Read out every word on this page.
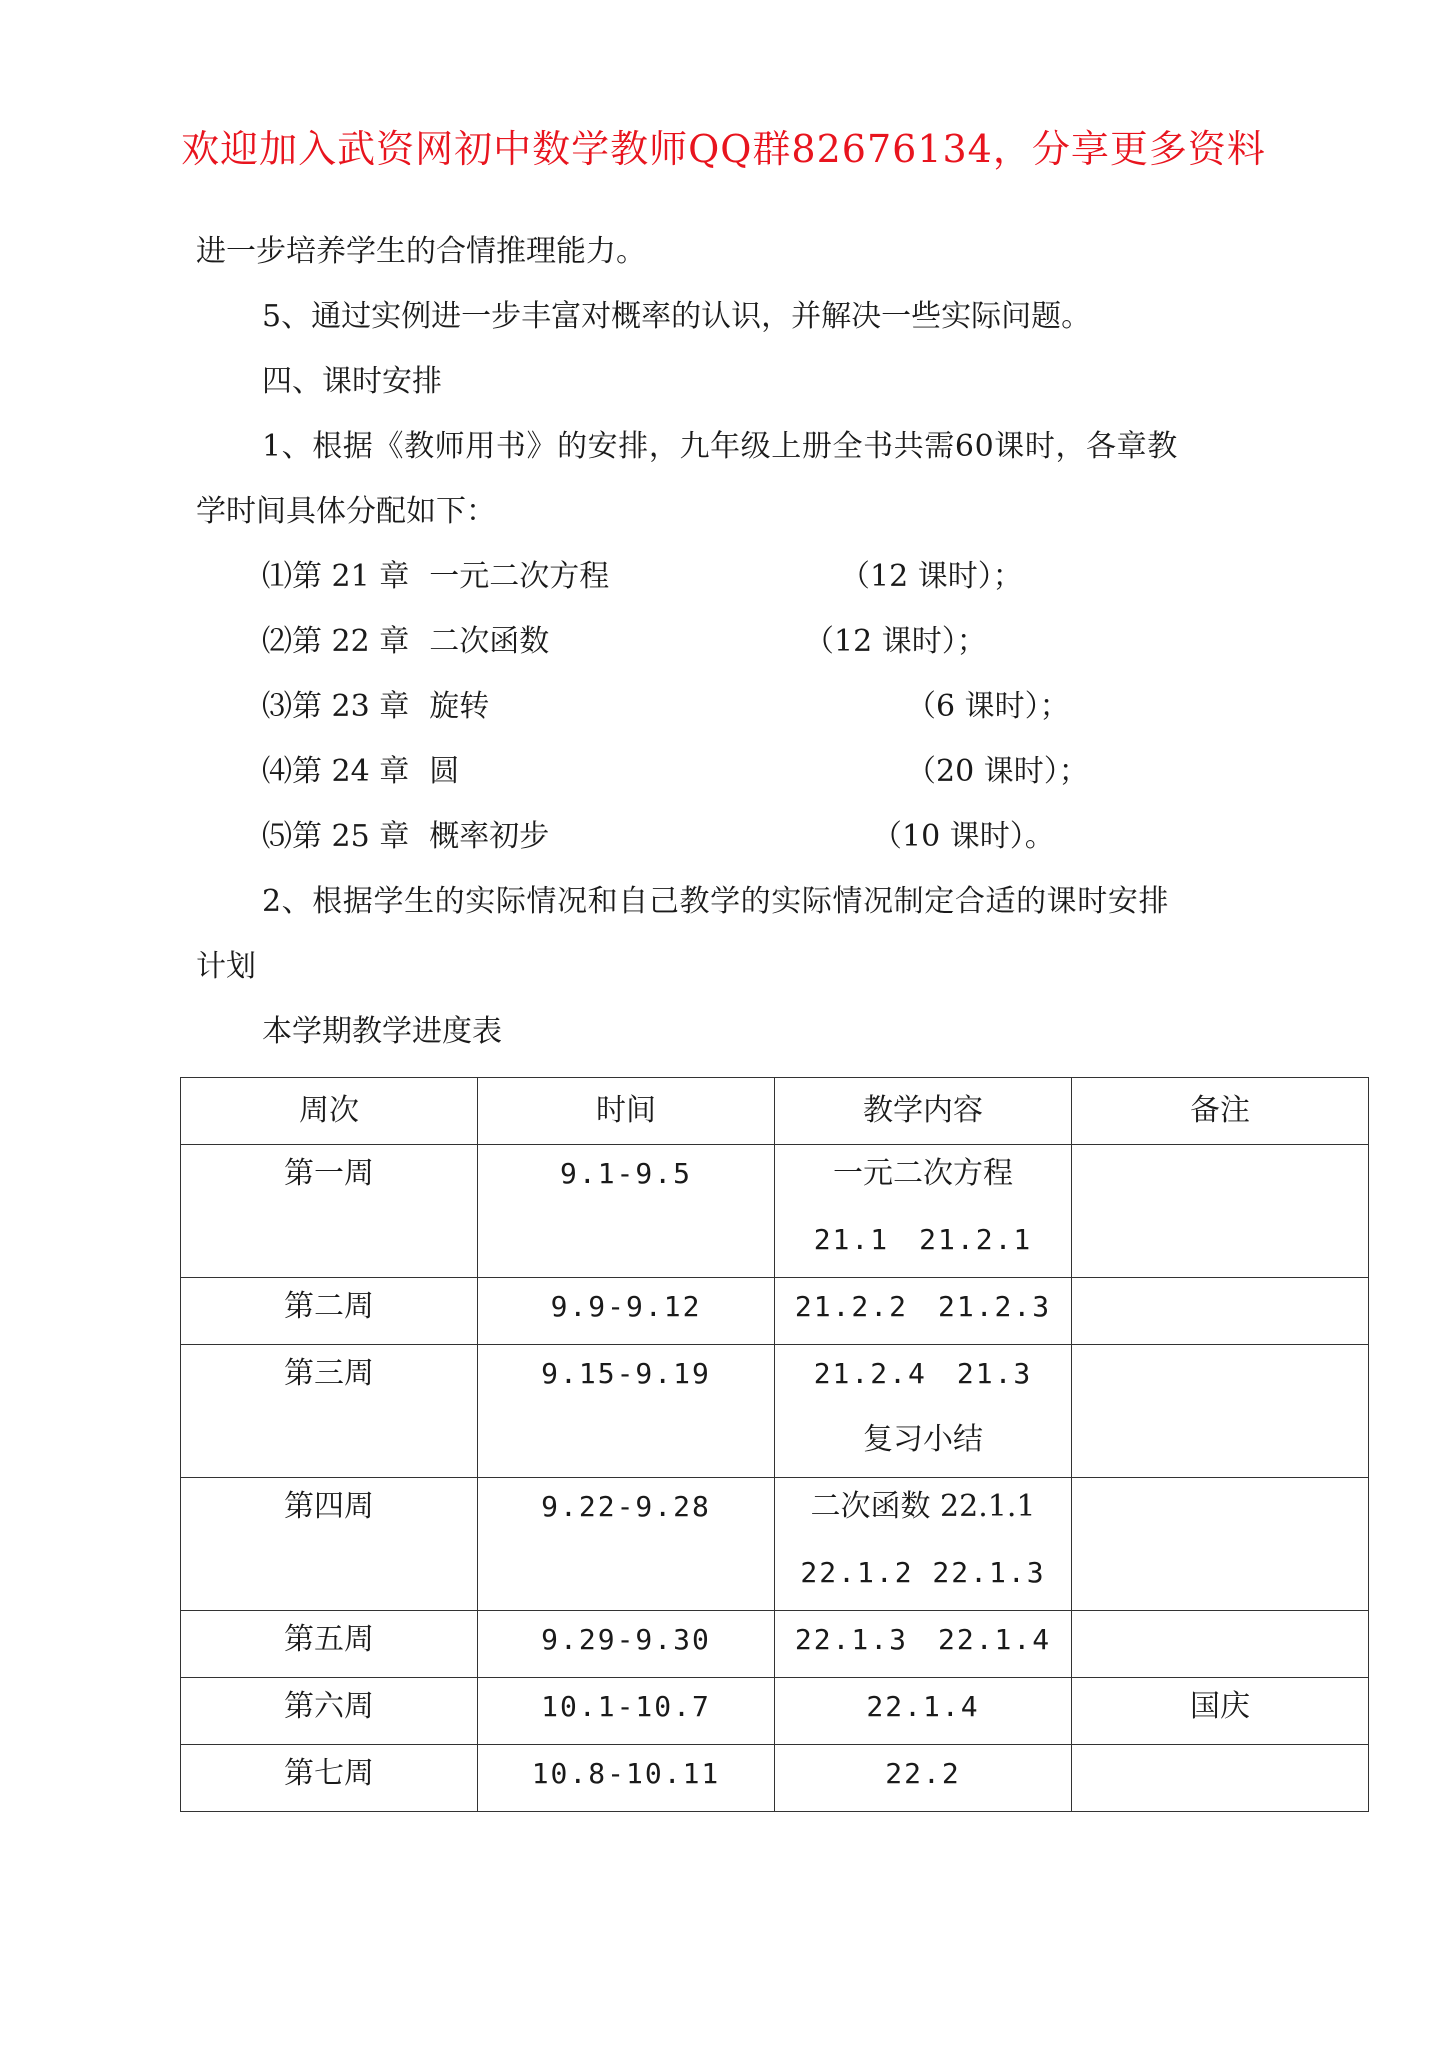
欢迎加入武资网初中数学教师QQ群82676134，分享更多资料
进一步培养学生的合情推理能力。
5、通过实例进一步丰富对概率的认识，并解决一些实际问题。
四、课时安排
1、根据《教师用书》的安排，九年级上册全书共需60课时，各章教
学时间具体分配如下：
⑴第 21 章 一元二次方程	（12 课时）；
⑵第 22 章 二次函数	（12 课时）；
⑶第 23 章 旋转	（6 课时）；
⑷第 24 章 圆	（20 课时）；
⑸第 25 章 概率初步	（10 课时）。
2、根据学生的实际情况和自己教学的实际情况制定合适的课时安排
计划
本学期教学进度表
周次	时间	教学内容	备注

第一周	9.1-9.5	一元二次方程
21.1　21.2.1	

第二周	9.9-9.12	21.2.2　21.2.3	

第三周	9.15-9.19	21.2.4　21.3
复习小结	

第四周	9.22-9.28	二次函数 22.1.1
22.1.2 22.1.3	

第五周	9.29-9.30	22.1.3　22.1.4	

第六周	10.1-10.7	22.1.4	国庆

第七周	10.8-10.11	22.2	
